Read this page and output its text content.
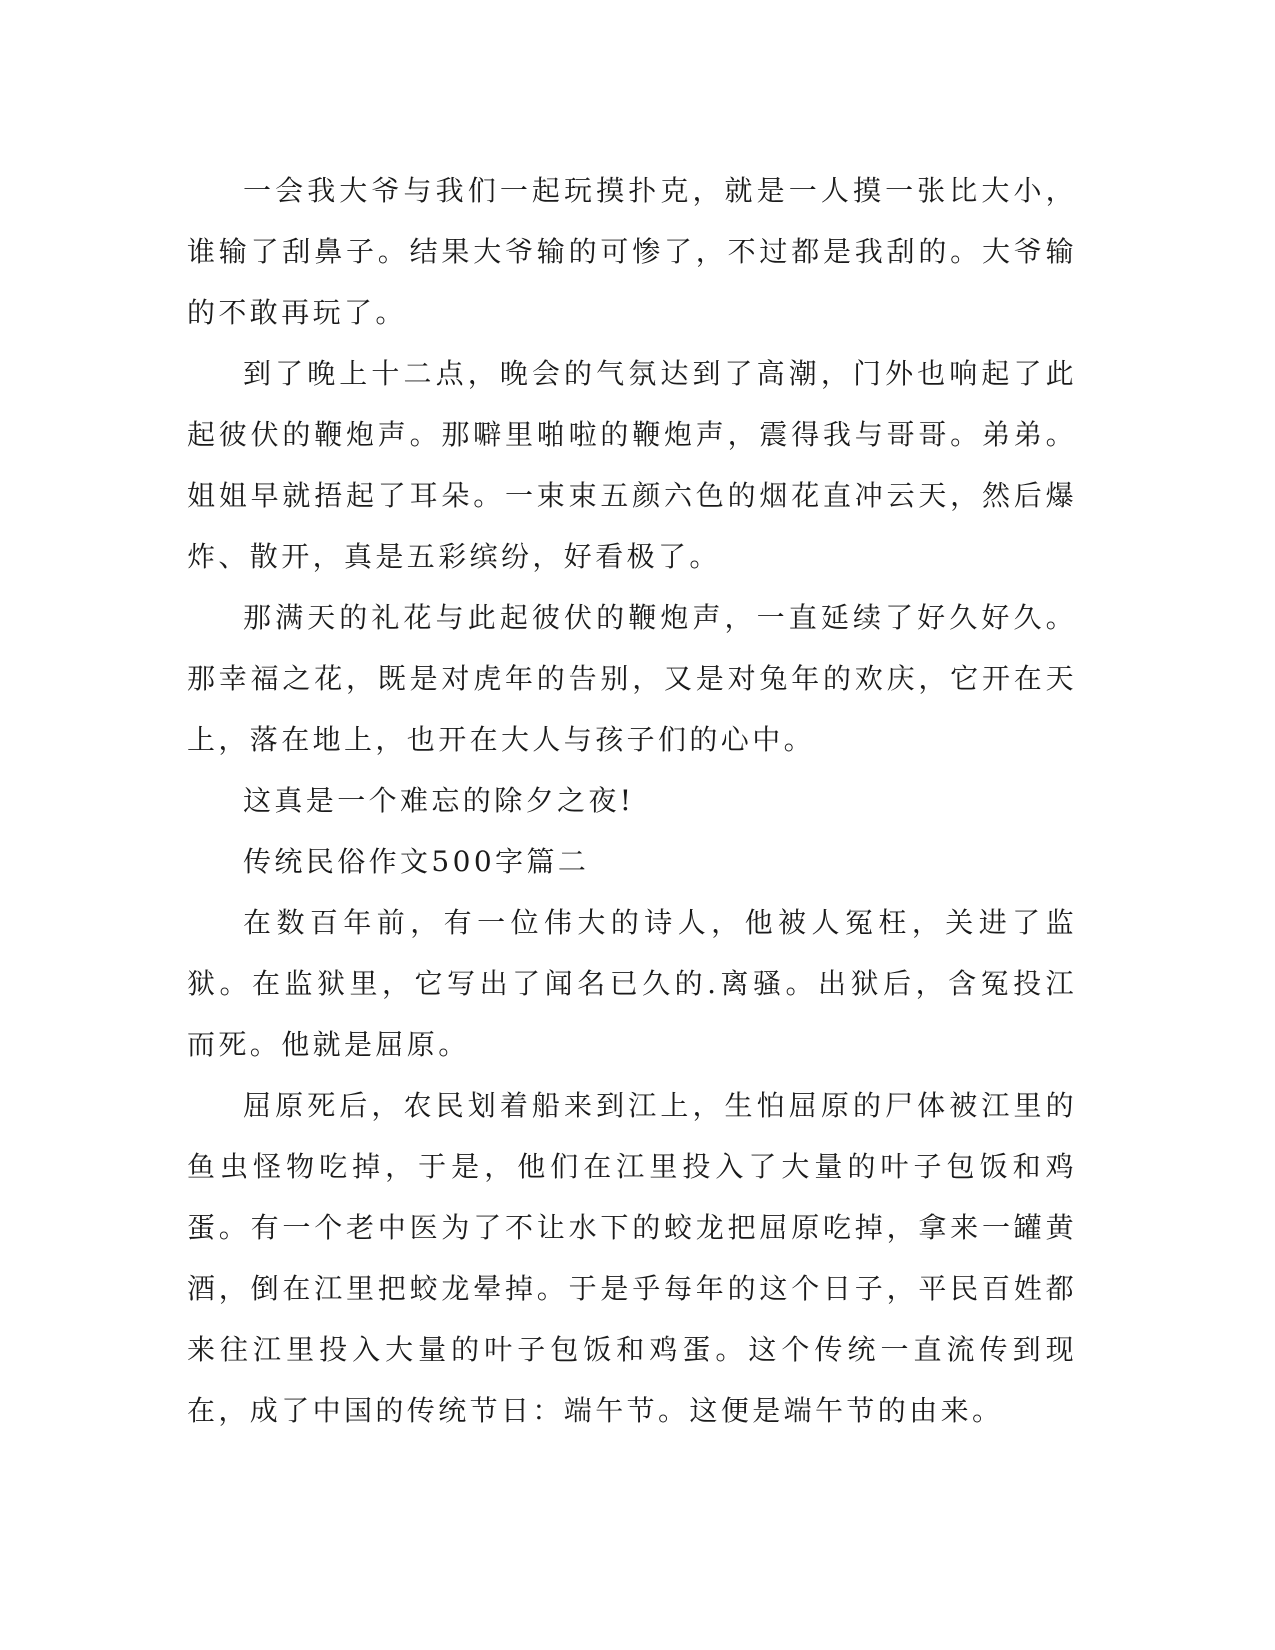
一会我大爷与我们一起玩摸扑克，就是一人摸一张比大小，谁输了刮鼻子。结果大爷输的可惨了，不过都是我刮的。大爷输的不敢再玩了。

到了晚上十二点，晚会的气氛达到了高潮，门外也响起了此起彼伏的鞭炮声。那噼里啪啦的鞭炮声，震得我与哥哥。弟弟。姐姐早就捂起了耳朵。一束束五颜六色的烟花直冲云天，然后爆炸、散开，真是五彩缤纷，好看极了。

那满天的礼花与此起彼伏的鞭炮声，一直延续了好久好久。那幸福之花，既是对虎年的告别，又是对兔年的欢庆，它开在天上，落在地上，也开在大人与孩子们的心中。

这真是一个难忘的除夕之夜!

传统民俗作文500字篇二

在数百年前，有一位伟大的诗人，他被人冤枉，关进了监狱。在监狱里，它写出了闻名已久的.离骚。出狱后，含冤投江而死。他就是屈原。

屈原死后，农民划着船来到江上，生怕屈原的尸体被江里的鱼虫怪物吃掉，于是，他们在江里投入了大量的叶子包饭和鸡蛋。有一个老中医为了不让水下的蛟龙把屈原吃掉，拿来一罐黄酒，倒在江里把蛟龙晕掉。于是乎每年的这个日子，平民百姓都来往江里投入大量的叶子包饭和鸡蛋。这个传统一直流传到现在，成了中国的传统节日：端午节。这便是端午节的由来。
